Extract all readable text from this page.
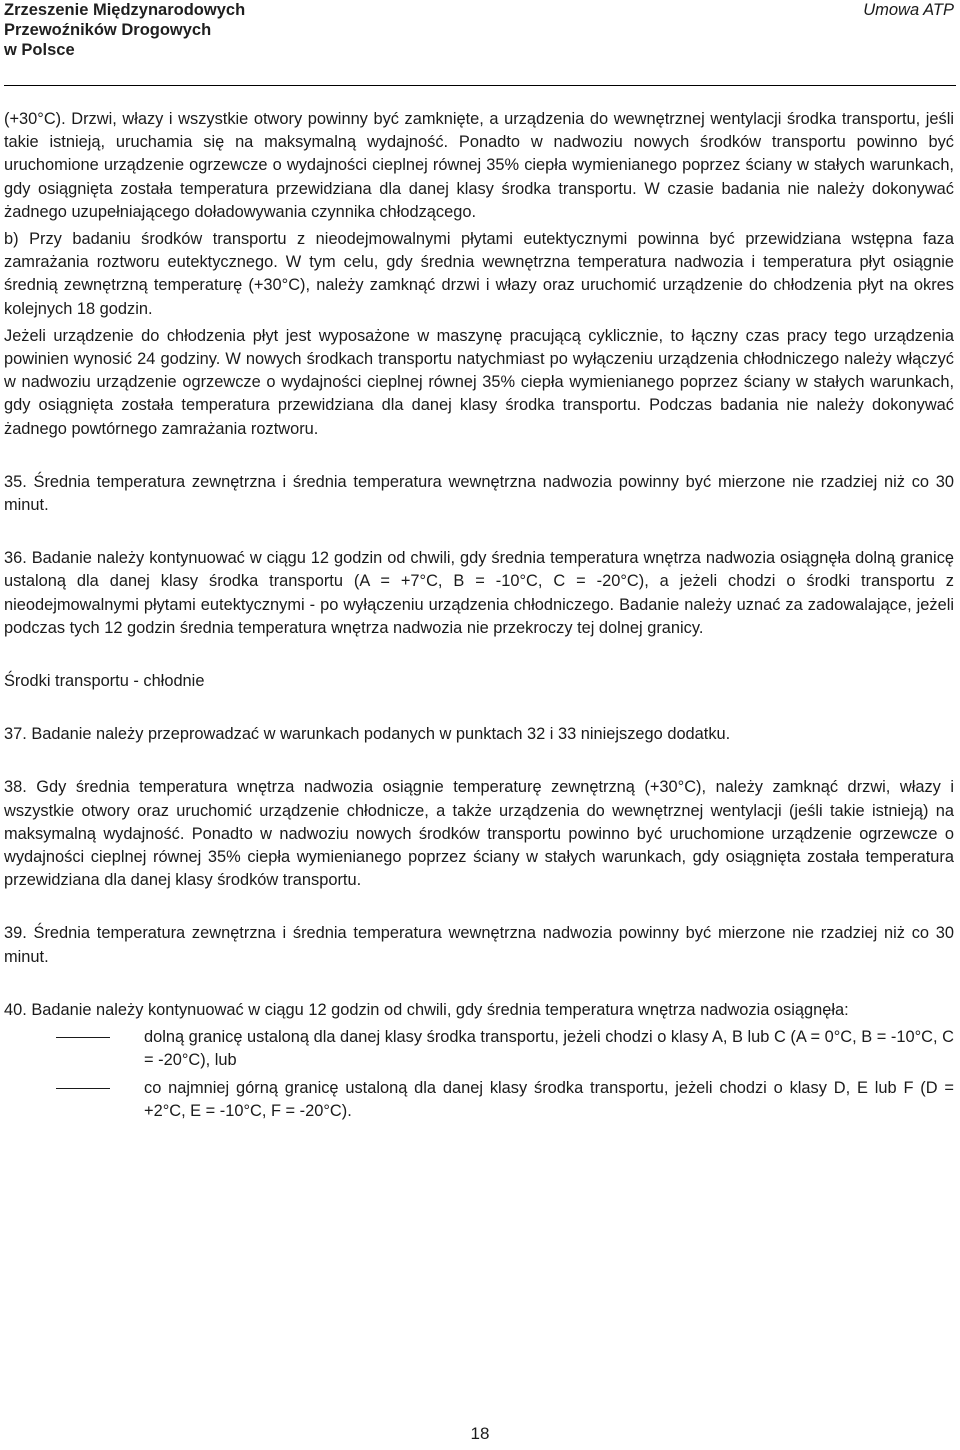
Zrzeszenie Międzynarodowych
Przewoźników Drogowych
w Polsce
Umowa ATP

(+30°C). Drzwi, włazy i wszystkie otwory powinny być zamknięte, a urządzenia do wewnętrznej wentylacji środka transportu, jeśli takie istnieją, uruchamia się na maksymalną wydajność. Ponadto w nadwoziu nowych środków transportu powinno być uruchomione urządzenie ogrzewcze o wydajności cieplnej równej 35% ciepła wymienianego poprzez ściany w stałych warunkach, gdy osiągnięta została temperatura przewidziana dla danej klasy środka transportu. W czasie badania nie należy dokonywać żadnego uzupełniającego doładowywania czynnika chłodzącego.

b) Przy badaniu środków transportu z nieodejmowalnymi płytami eutektycznymi powinna być przewidziana wstępna faza zamrażania roztworu eutektycznego. W tym celu, gdy średnia wewnętrzna temperatura nadwozia i temperatura płyt osiągnie średnią zewnętrzną temperaturę (+30°C), należy zamknąć drzwi i włazy oraz uruchomić urządzenie do chłodzenia płyt na okres kolejnych 18 godzin.

Jeżeli urządzenie do chłodzenia płyt jest wyposażone w maszynę pracującą cyklicznie, to łączny czas pracy tego urządzenia powinien wynosić 24 godziny. W nowych środkach transportu natychmiast po wyłączeniu urządzenia chłodniczego należy włączyć w nadwoziu urządzenie ogrzewcze o wydajności cieplnej równej 35% ciepła wymienianego poprzez ściany w stałych warunkach, gdy osiągnięta została temperatura przewidziana dla danej klasy środka transportu. Podczas badania nie należy dokonywać żadnego powtórnego zamrażania roztworu.

35. Średnia temperatura zewnętrzna i średnia temperatura wewnętrzna nadwozia powinny być mierzone nie rzadziej niż co 30 minut.

36. Badanie należy kontynuować w ciągu 12 godzin od chwili, gdy średnia temperatura wnętrza nadwozia osiągnęła dolną granicę ustaloną dla danej klasy środka transportu (A = +7°C, B = -10°C, C = -20°C), a jeżeli chodzi o środki transportu z nieodejmowalnymi płytami eutektycznymi - po wyłączeniu urządzenia chłodniczego. Badanie należy uznać za zadowalające, jeżeli podczas tych 12 godzin średnia temperatura wnętrza nadwozia nie przekroczy tej dolnej granicy.

Środki transportu - chłodnie

37. Badanie należy przeprowadzać w warunkach podanych w punktach 32 i 33 niniejszego dodatku.

38. Gdy średnia temperatura wnętrza nadwozia osiągnie temperaturę zewnętrzną (+30°C), należy zamknąć drzwi, włazy i wszystkie otwory oraz uruchomić urządzenie chłodnicze, a także urządzenia do wewnętrznej wentylacji (jeśli takie istnieją) na maksymalną wydajność. Ponadto w nadwoziu nowych środków transportu powinno być uruchomione urządzenie ogrzewcze o wydajności cieplnej równej 35% ciepła wymienianego poprzez ściany w stałych warunkach, gdy osiągnięta została temperatura przewidziana dla danej klasy środków transportu.

39. Średnia temperatura zewnętrzna i średnia temperatura wewnętrzna nadwozia powinny być mierzone nie rzadziej niż co 30 minut.

40. Badanie należy kontynuować w ciągu 12 godzin od chwili, gdy średnia temperatura wnętrza nadwozia osiągnęła:

dolną granicę ustaloną dla danej klasy środka transportu, jeżeli chodzi o klasy A, B lub C (A = 0°C, B = -10°C, C = -20°C), lub
co najmniej górną granicę ustaloną dla danej klasy środka transportu, jeżeli chodzi o klasy D, E lub F (D = +2°C, E = -10°C, F = -20°C).
18
